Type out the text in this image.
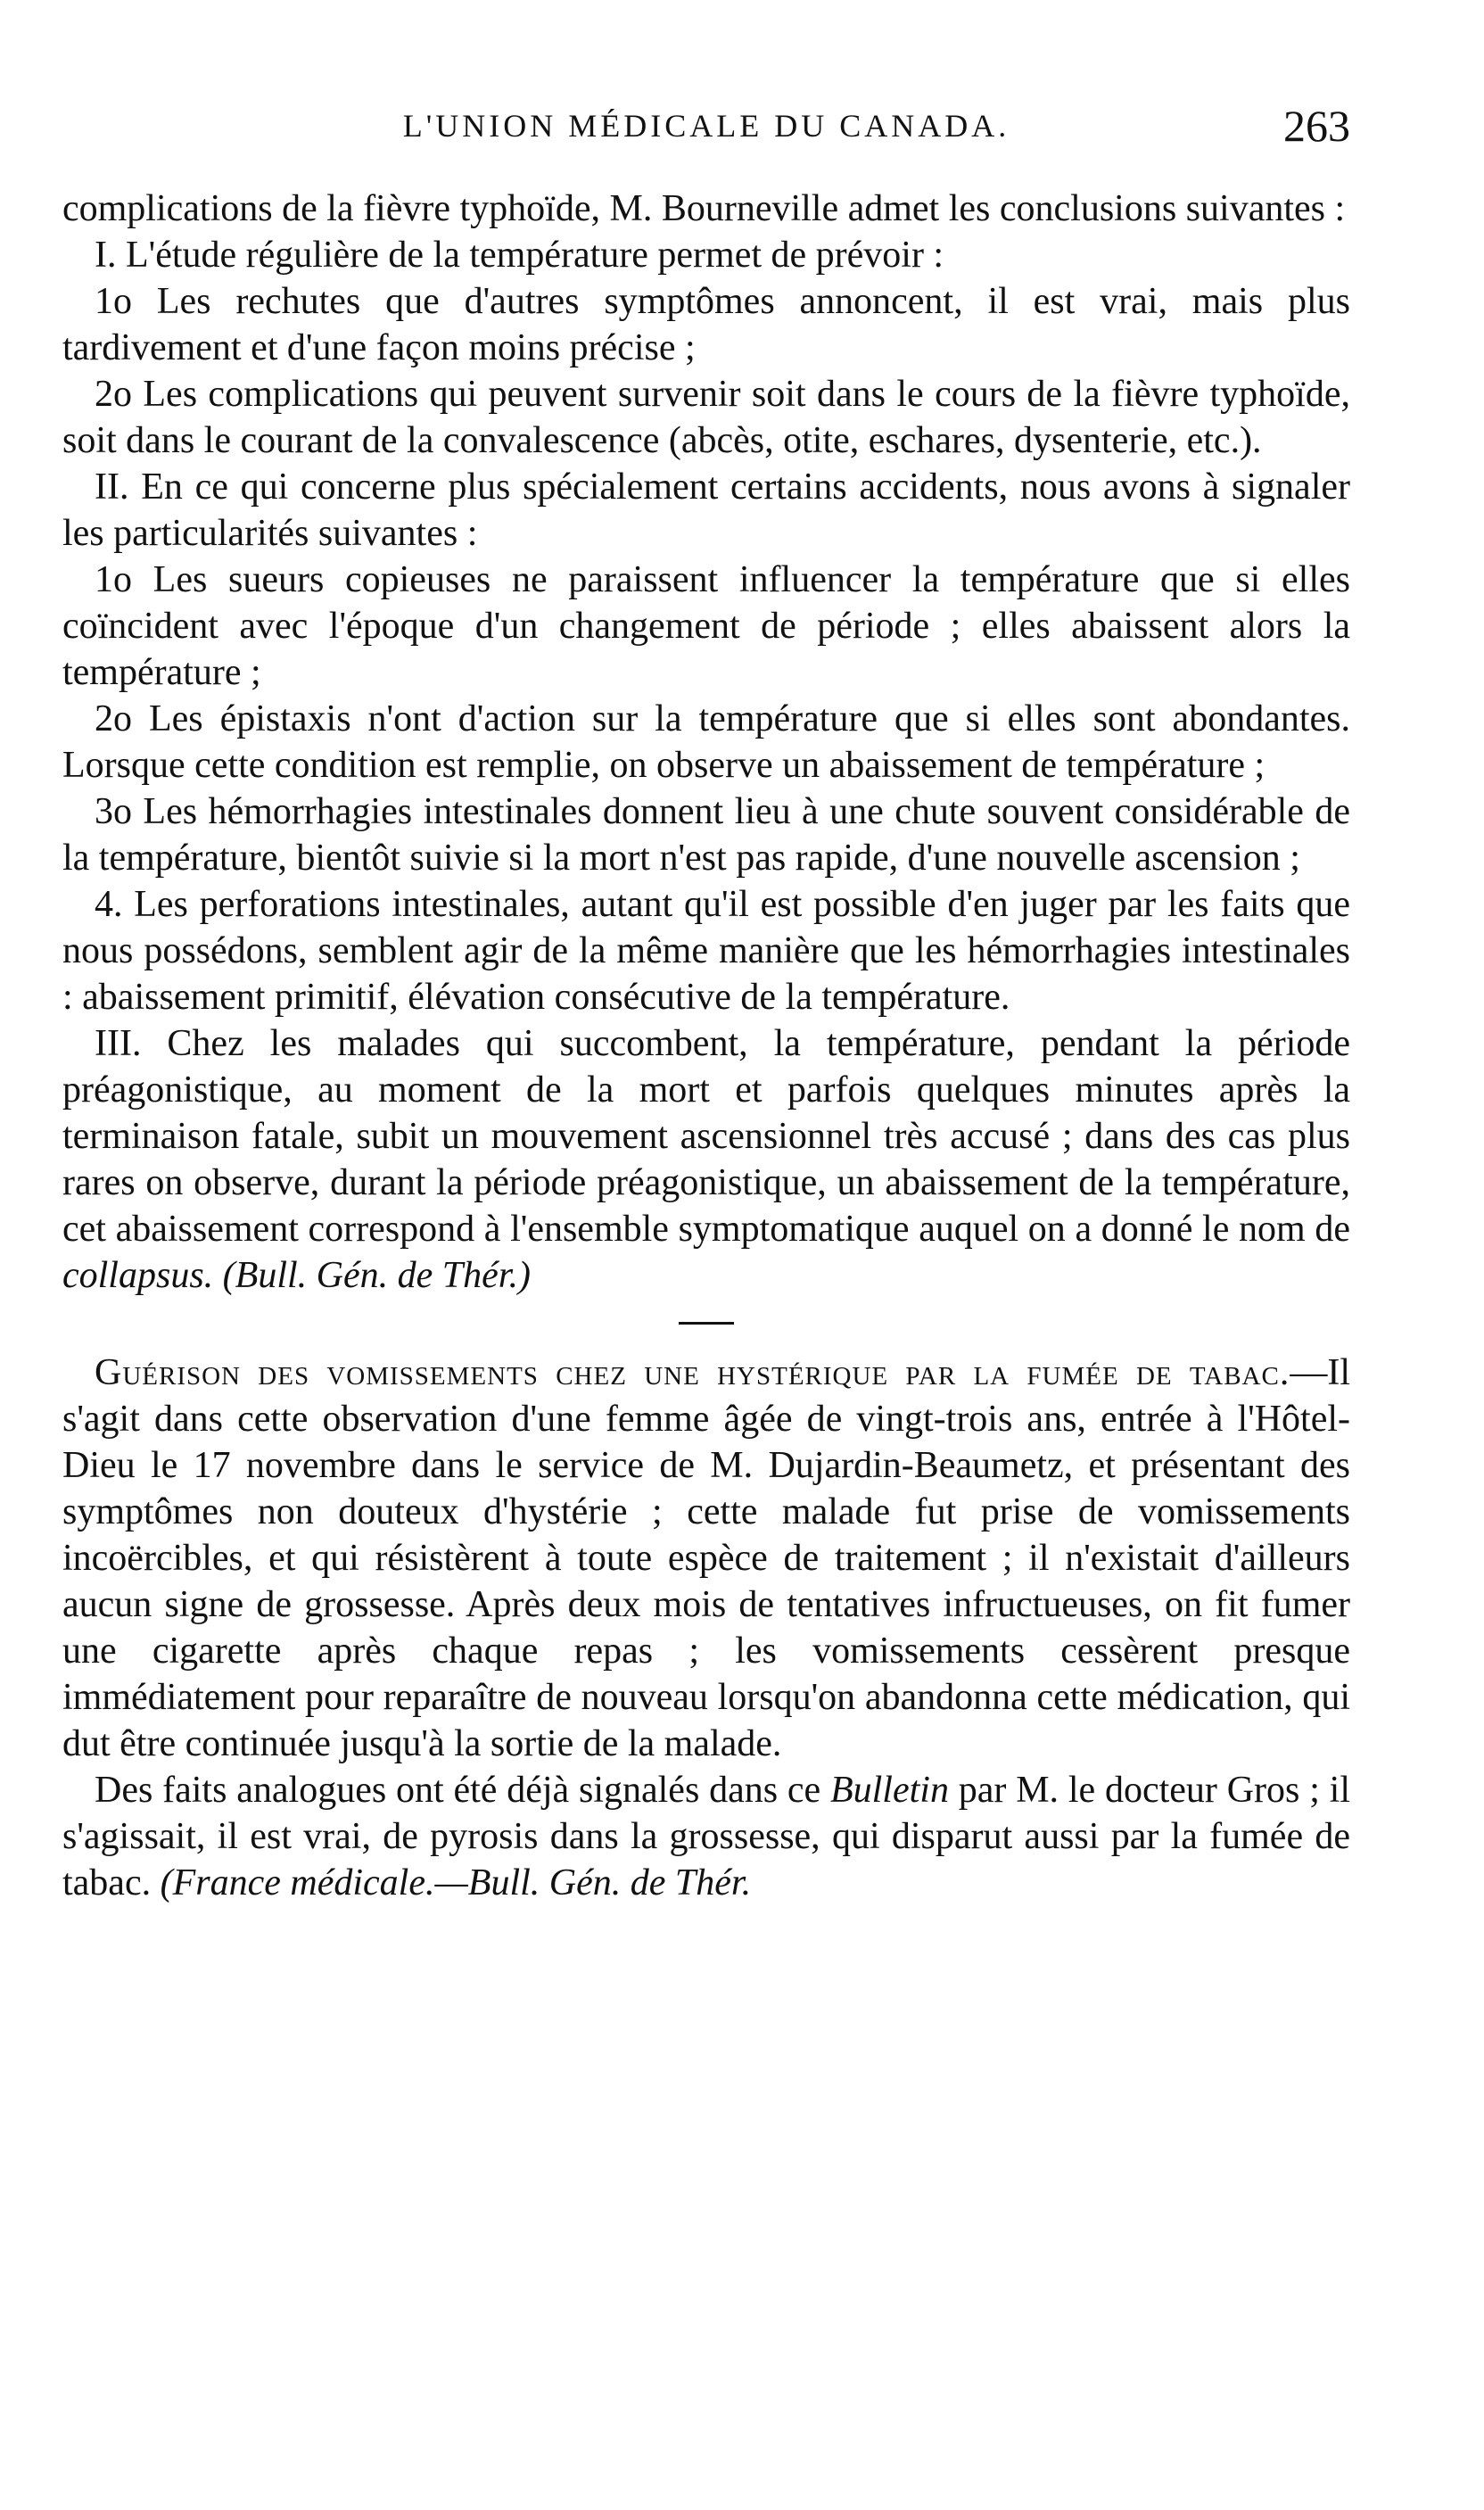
L'UNION MÉDICALE DU CANADA.	263

complications de la fièvre typhoïde, M. Bourneville admet les conclusions suivantes :

I. L'étude régulière de la température permet de prévoir :

1o Les rechutes que d'autres symptômes annoncent, il est vrai, mais plus tardivement et d'une façon moins précise ;

2o Les complications qui peuvent survenir soit dans le cours de la fièvre typhoïde, soit dans le courant de la convalescence (abcès, otite, eschares, dysenterie, etc.).

II. En ce qui concerne plus spécialement certains accidents, nous avons à signaler les particularités suivantes :

1o Les sueurs copieuses ne paraissent influencer la température que si elles coïncident avec l'époque d'un changement de période ; elles abaissent alors la température ;

2o Les épistaxis n'ont d'action sur la température que si elles sont abondantes. Lorsque cette condition est remplie, on observe un abaissement de température ;

3o Les hémorrhagies intestinales donnent lieu à une chute souvent considérable de la température, bientôt suivie si la mort n'est pas rapide, d'une nouvelle ascension ;

4. Les perforations intestinales, autant qu'il est possible d'en juger par les faits que nous possédons, semblent agir de la même manière que les hémorrhagies intestinales : abaissement primitif, élévation consécutive de la température.

III. Chez les malades qui succombent, la température, pendant la période préagonistique, au moment de la mort et parfois quelques minutes après la terminaison fatale, subit un mouvement ascensionnel très accusé ; dans des cas plus rares on observe, durant la période préagonistique, un abaissement de la température, cet abaissement correspond à l'ensemble symptomatique auquel on a donné le nom de collapsus. (Bull. Gén. de Thér.)

Guérison des vomissements chez une hystérique par la fumée de tabac.—Il s'agit dans cette observation d'une femme âgée de vingt-trois ans, entrée à l'Hôtel-Dieu le 17 novembre dans le service de M. Dujardin-Beaumetz, et présentant des symptômes non douteux d'hystérie ; cette malade fut prise de vomissements incoërcibles, et qui résistèrent à toute espèce de traitement ; il n'existait d'ailleurs aucun signe de grossesse. Après deux mois de tentatives infructueuses, on fit fumer une cigarette après chaque repas ; les vomissements cessèrent presque immédiatement pour reparaître de nouveau lorsqu'on abandonna cette médication, qui dut être continuée jusqu'à la sortie de la malade.

Des faits analogues ont été déjà signalés dans ce Bulletin par M. le docteur Gros ; il s'agissait, il est vrai, de pyrosis dans la grossesse, qui disparut aussi par la fumée de tabac. (France médicale.—Bull. Gén. de Thér.
